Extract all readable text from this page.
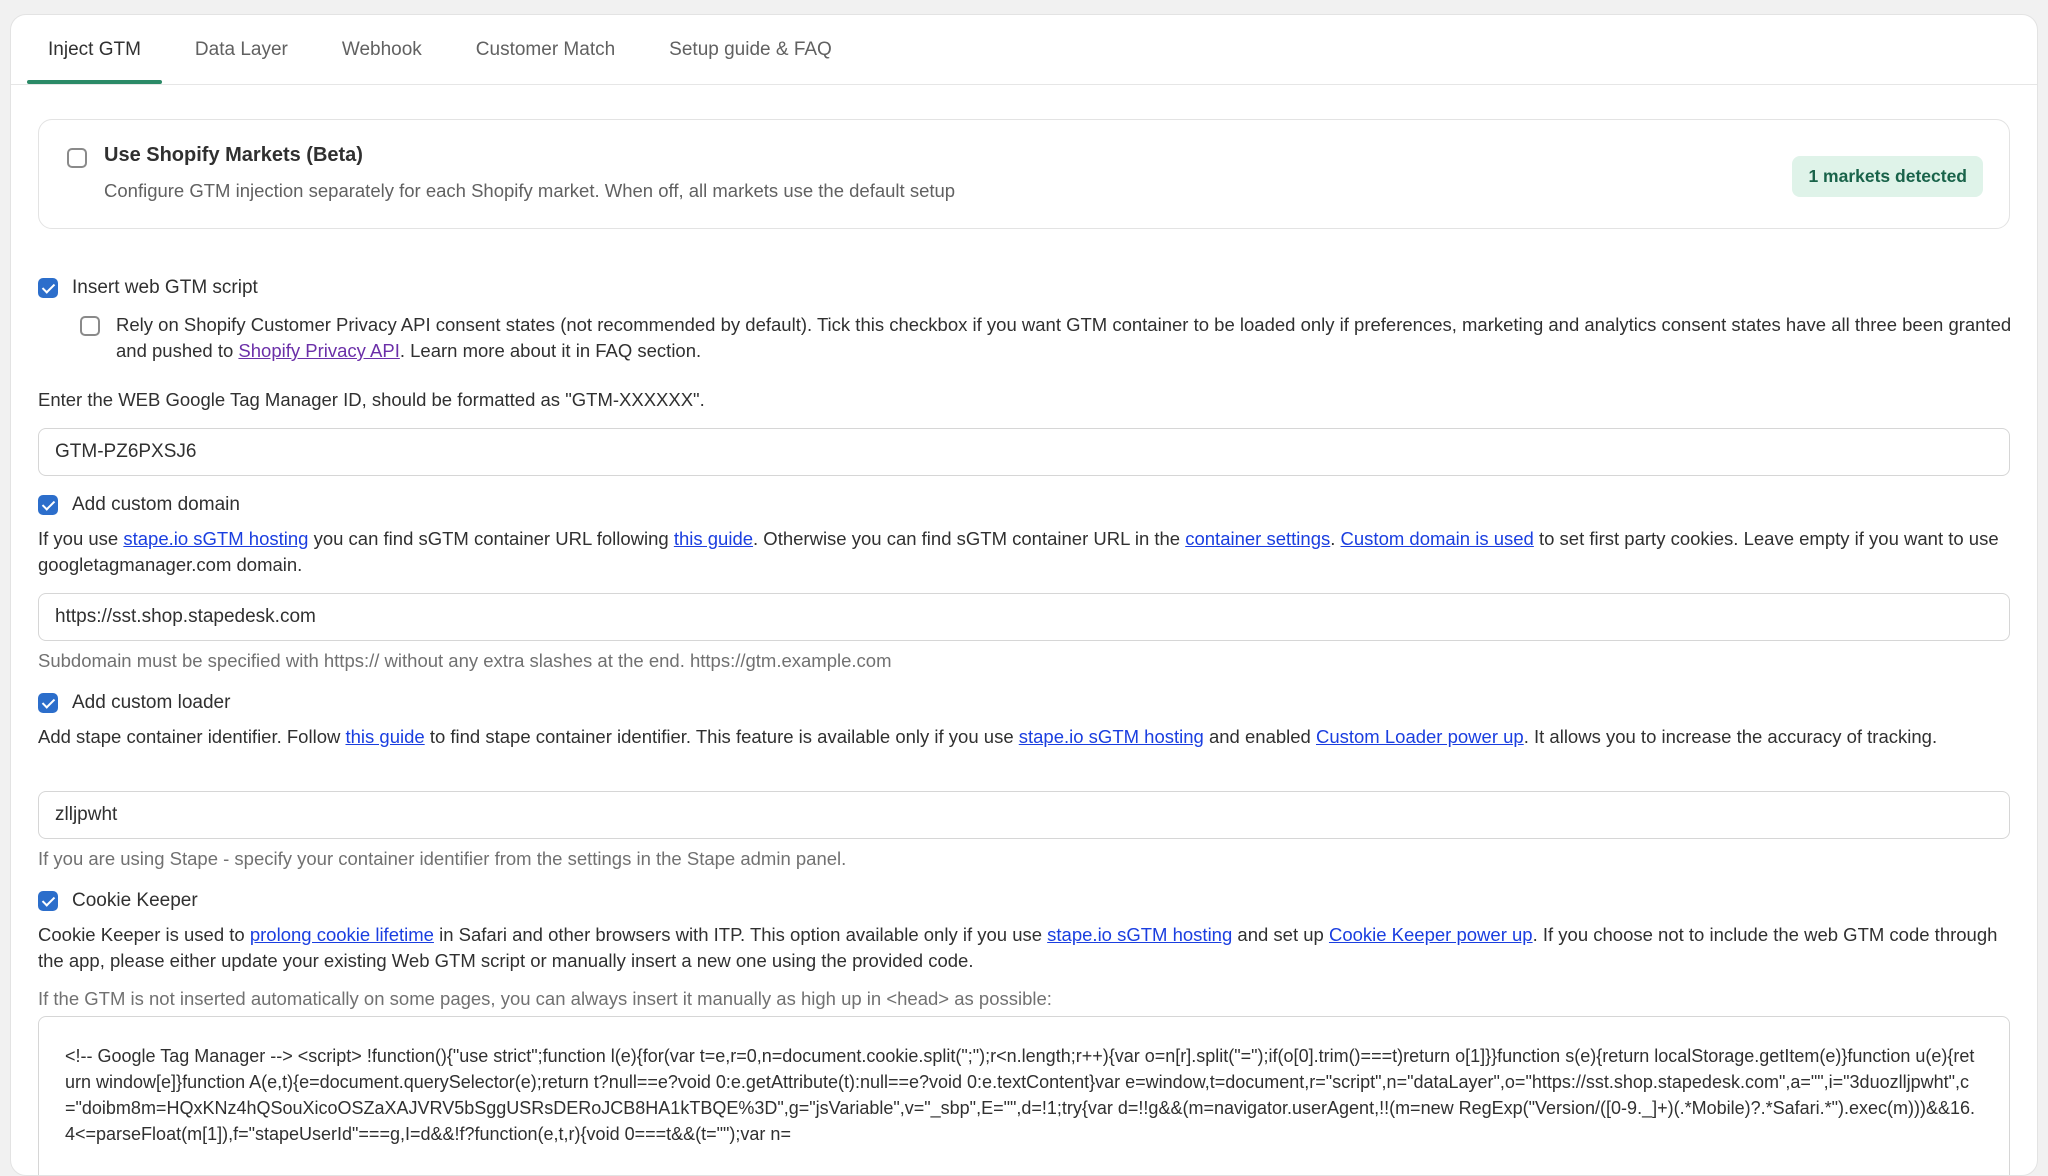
Inject GTM	Data Layer	Webhook	Customer Match	Setup guide & FAQ
Use Shopify Markets (Beta)
Configure GTM injection separately for each Shopify market. When off, all markets use the default setup
1 markets detected
Insert web GTM script
Rely on Shopify Customer Privacy API consent states (not recommended by default). Tick this checkbox if you want GTM container to be loaded only if preferences, marketing and analytics consent states have all three been granted and pushed to Shopify Privacy API. Learn more about it in FAQ section.
Enter the WEB Google Tag Manager ID, should be formatted as "GTM-XXXXXX".
GTM-PZ6PXSJ6
Add custom domain
If you use stape.io sGTM hosting you can find sGTM container URL following this guide. Otherwise you can find sGTM container URL in the container settings. Custom domain is used to set first party cookies. Leave empty if you want to use googletagmanager.com domain.
https://sst.shop.stapedesk.com
Subdomain must be specified with https:// without any extra slashes at the end. https://gtm.example.com
Add custom loader
Add stape container identifier. Follow this guide to find stape container identifier. This feature is available only if you use stape.io sGTM hosting and enabled Custom Loader power up. It allows you to increase the accuracy of tracking.
zlljpwht
If you are using Stape - specify your container identifier from the settings in the Stape admin panel.
Cookie Keeper
Cookie Keeper is used to prolong cookie lifetime in Safari and other browsers with ITP. This option available only if you use stape.io sGTM hosting and set up Cookie Keeper power up. If you choose not to include the web GTM code through the app, please either update your existing Web GTM script or manually insert a new one using the provided code.
If the GTM is not inserted automatically on some pages, you can always insert it manually as high up in <head> as possible:
<!-- Google Tag Manager --> <script> !function(){"use strict";function l(e){for(var t=e,r=0,n=document.cookie.split(";");r<n.length;r++){var o=n[r].split("=");if(o[0].trim()===t)return o[1]}}function s(e){return localStorage.getItem(e)}function u(e){return window[e]}function A(e,t){e=document.querySelector(e);return t?null==e?void 0:e.getAttribute(t):null==e?void 0:e.textContent}var e=window,t=document,r="script",n="dataLayer",o="https://sst.shop.stapedesk.com",a="",i="3duozlljpwht",c="doibm8m=HQxKNz4hQSouXicoOSZaXAJVRV5bSggUSRsDERoJCB8HA1kTBQE%3D",g="jsVariable",v="_sbp",E="",d=!1;try{var d=!!g&&(m=navigator.userAgent,!!(m=new RegExp("Version/([0-9._]+)(.*Mobile)?.*Safari.*").exec(m)))&&16.4<=parseFloat(m[1]),f="stapeUserId"===g,I=d&&!f?function(e,t,r){void 0===t&&(t="");var n=
